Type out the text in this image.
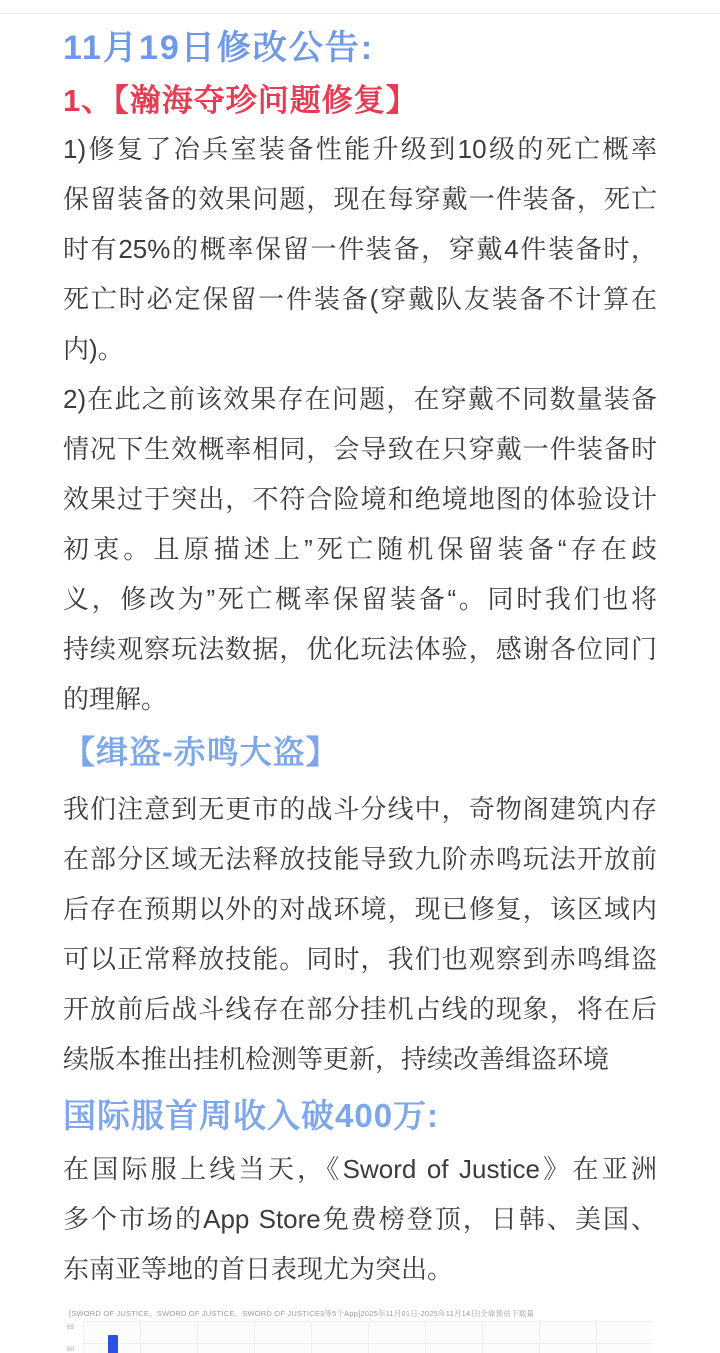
11月19日修改公告:
1、【瀚海夺珍问题修复】
1)修复了冶兵室装备性能升级到10级的死亡概率
保留装备的效果问题，现在每穿戴一件装备，死亡
时有25%的概率保留一件装备，穿戴4件装备时，
死亡时必定保留一件装备(穿戴队友装备不计算在
内)。
2)在此之前该效果存在问题，在穿戴不同数量装备
情况下生效概率相同，会导致在只穿戴一件装备时
效果过于突出，不符合险境和绝境地图的体验设计
初衷。且原描述上”死亡随机保留装备“存在歧
义，修改为”死亡概率保留装备“。同时我们也将
持续观察玩法数据，优化玩法体验，感谢各位同门
的理解。
【缉盗-赤鸣大盗】
我们注意到无更市的战斗分线中，奇物阁建筑内存
在部分区域无法释放技能导致九阶赤鸣玩法开放前
后存在预期以外的对战环境，现已修复，该区域内
可以正常释放技能。同时，我们也观察到赤鸣缉盗
开放前后战斗线存在部分挂机占线的现象，将在后
续版本推出挂机检测等更新，持续改善缉盗环境
国际服首周收入破400万:
在国际服上线当天，《Sword of Justice》在亚洲
多个市场的App Store免费榜登顶，日韩、美国、
东南亚等地的首日表现尤为突出。
[SWORD OF JUSTICE、SWORD OF JUSTICE、SWORD OF JUSTICE3等5个App]2025年11月01日-2025年11月14日|全球预估下载量
65
60
